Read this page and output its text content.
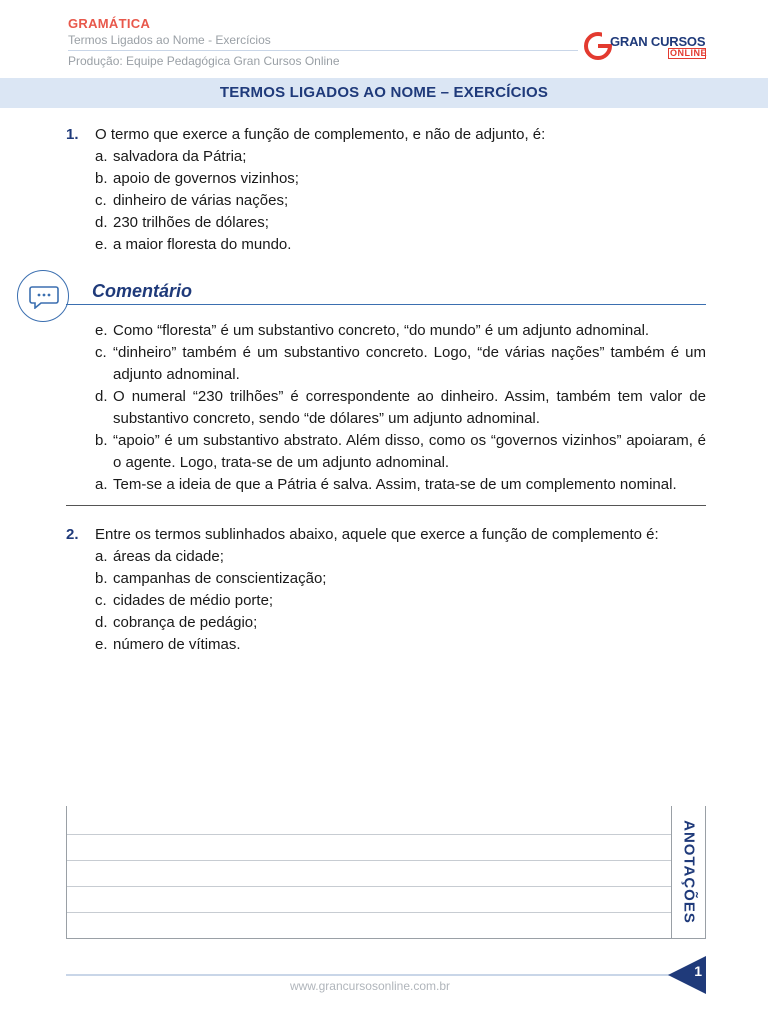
GRAMÁTICA
Termos Ligados ao Nome - Exercícios
Produção: Equipe Pedagógica Gran Cursos Online
GRAN CURSOS
ONLINE
TERMOS LIGADOS AO NOME – EXERCÍCIOS
1. O termo que exerce a função de complemento, e não de adjunto, é:
a. salvadora da Pátria;
b. apoio de governos vizinhos;
c. dinheiro de várias nações;
d. 230 trilhões de dólares;
e. a maior floresta do mundo.
Comentário
e. Como “floresta” é um substantivo concreto, “do mundo” é um adjunto adnominal.
c. “dinheiro” também é um substantivo concreto. Logo, “de várias nações” também é um adjunto adnominal.
d. O numeral “230 trilhões” é correspondente ao dinheiro. Assim, também tem valor de substantivo concreto, sendo “de dólares” um adjunto adnominal.
b. “apoio” é um substantivo abstrato. Além disso, como os “governos vizinhos” apoiaram, é o agente. Logo, trata-se de um adjunto adnominal.
a. Tem-se a ideia de que a Pátria é salva. Assim, trata-se de um complemento nominal.
2. Entre os termos sublinhados abaixo, aquele que exerce a função de complemento é:
a. áreas da cidade;
b. campanhas de conscientização;
c. cidades de médio porte;
d. cobrança de pedágio;
e. número de vítimas.
ANOTAÇÕES
www.grancursosonline.com.br
1
